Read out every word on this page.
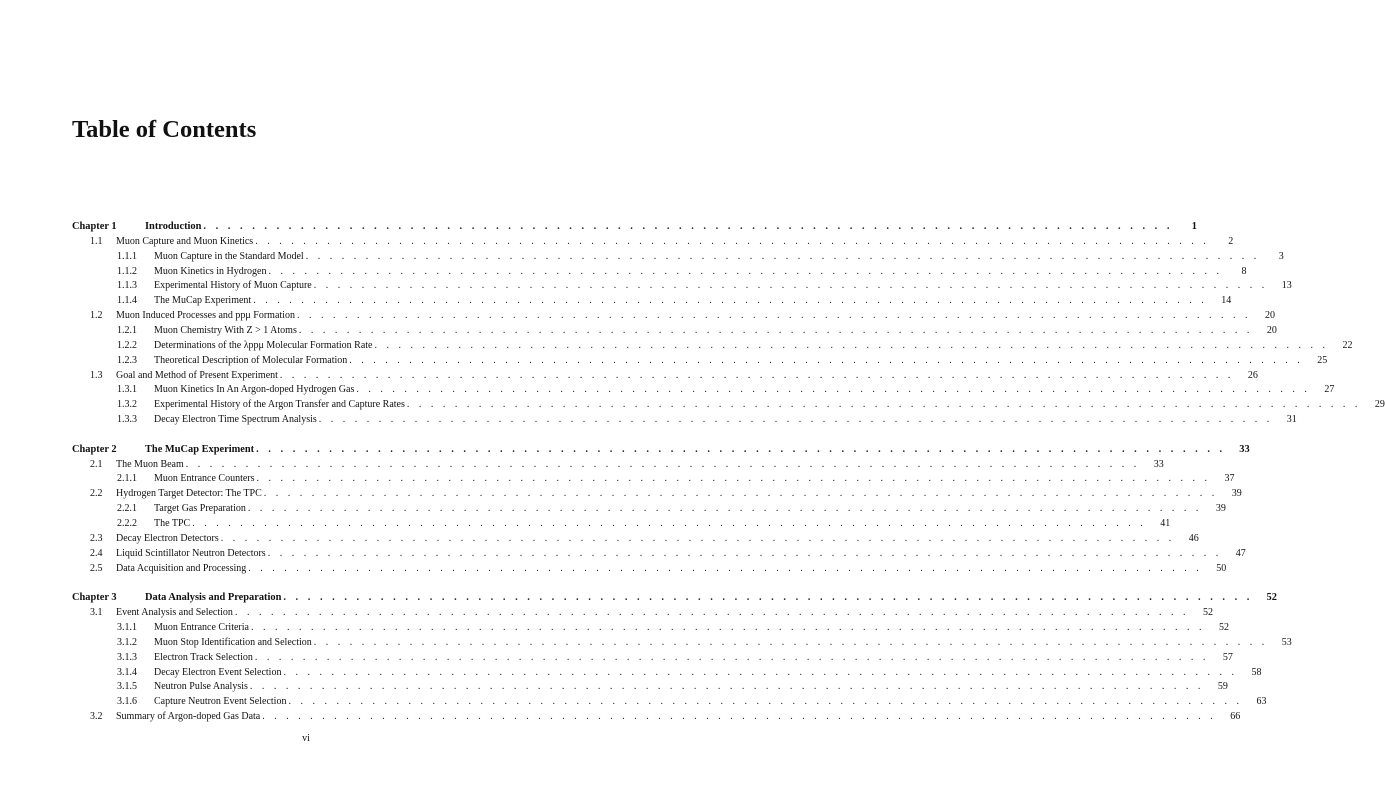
Table of Contents
Chapter 1	Introduction . . . . . . . . . . . . . . . . . . . . . . . . . . . . . . . . . . . . . . . . . . . . . . . . . . . . . . . . . . . . . . . . . . . . . . . . . . . . . . . .	1
1.1	Muon Capture and Muon Kinetics . . . . . . . . . . . . . . . . . . . . . . . . . . . . . . . . . . . . . . . . . . . . . . . . . . . . . . . . . . . . . . . . . . . . . . . . . . . . . . . .	2
1.1.1	Muon Capture in the Standard Model . . . . . . . . . . . . . . . . . . . . . . . . . . . . . . . . . . . . . . . . . . . . . . . . . . . . . . . . . . . . . . . . . . . . . . . . . . . . . . . .	3
1.1.2	Muon Kinetics in Hydrogen . . . . . . . . . . . . . . . . . . . . . . . . . . . . . . . . . . . . . . . . . . . . . . . . . . . . . . . . . . . . . . . . . . . . . . . . . . . . . . . .	8
1.1.3	Experimental History of Muon Capture . . . . . . . . . . . . . . . . . . . . . . . . . . . . . . . . . . . . . . . . . . . . . . . . . . . . . . . . . . . . . . . . . . . . . . . . . . . . . . . .	13
1.1.4	The MuCap Experiment . . . . . . . . . . . . . . . . . . . . . . . . . . . . . . . . . . . . . . . . . . . . . . . . . . . . . . . . . . . . . . . . . . . . . . . . . . . . . . . .	14
1.2	Muon Induced Processes and ppμ Formation . . . . . . . . . . . . . . . . . . . . . . . . . . . . . . . . . . . . . . . . . . . . . . . . . . . . . . . . . . . . . . . . . . . . . . . . . . . . . . . .	20
1.2.1	Muon Chemistry With Z > 1 Atoms . . . . . . . . . . . . . . . . . . . . . . . . . . . . . . . . . . . . . . . . . . . . . . . . . . . . . . . . . . . . . . . . . . . . . . . . . . . . . . . .	20
1.2.2	Determinations of the λppμ Molecular Formation Rate . . . . . . . . . . . . . . . . . . . . . . . . . . . . . . . . . . . . . . . . . . . . . . . . . . . . . . . . . . . . . . . . . . . . . . . . . . . . . . . .	22
1.2.3	Theoretical Description of Molecular Formation . . . . . . . . . . . . . . . . . . . . . . . . . . . . . . . . . . . . . . . . . . . . . . . . . . . . . . . . . . . . . . . . . . . . . . . . . . . . . . . .	25
1.3	Goal and Method of Present Experiment . . . . . . . . . . . . . . . . . . . . . . . . . . . . . . . . . . . . . . . . . . . . . . . . . . . . . . . . . . . . . . . . . . . . . . . . . . . . . . . .	26
1.3.1	Muon Kinetics In An Argon-doped Hydrogen Gas . . . . . . . . . . . . . . . . . . . . . . . . . . . . . . . . . . . . . . . . . . . . . . . . . . . . . . . . . . . . . . . . . . . . . . . . . . . . . . . .	27
1.3.2	Experimental History of the Argon Transfer and Capture Rates . . . . . . . . . . . . . . . . . . . . . . . . . . . . . . . . . . . . . . . . . . . . . . . . . . . . . . . . . . . . . . . . . . . . . . . . . . . . . . . .	29
1.3.3	Decay Electron Time Spectrum Analysis . . . . . . . . . . . . . . . . . . . . . . . . . . . . . . . . . . . . . . . . . . . . . . . . . . . . . . . . . . . . . . . . . . . . . . . . . . . . . . . .	31
Chapter 2	The MuCap Experiment . . . . . . . . . . . . . . . . . . . . . . . . . . . . . . . . . . . . . . . . . . . . . . . . . . . . . . . . . . . . . . . . . . . . . . . . . . . . . . . .	33
2.1	The Muon Beam . . . . . . . . . . . . . . . . . . . . . . . . . . . . . . . . . . . . . . . . . . . . . . . . . . . . . . . . . . . . . . . . . . . . . . . . . . . . . . . .	33
2.1.1	Muon Entrance Counters . . . . . . . . . . . . . . . . . . . . . . . . . . . . . . . . . . . . . . . . . . . . . . . . . . . . . . . . . . . . . . . . . . . . . . . . . . . . . . . .	37
2.2	Hydrogen Target Detector: The TPC . . . . . . . . . . . . . . . . . . . . . . . . . . . . . . . . . . . . . . . . . . . . . . . . . . . . . . . . . . . . . . . . . . . . . . . . . . . . . . . .	39
2.2.1	Target Gas Preparation . . . . . . . . . . . . . . . . . . . . . . . . . . . . . . . . . . . . . . . . . . . . . . . . . . . . . . . . . . . . . . . . . . . . . . . . . . . . . . . .	39
2.2.2	The TPC . . . . . . . . . . . . . . . . . . . . . . . . . . . . . . . . . . . . . . . . . . . . . . . . . . . . . . . . . . . . . . . . . . . . . . . . . . . . . . . .	41
2.3	Decay Electron Detectors . . . . . . . . . . . . . . . . . . . . . . . . . . . . . . . . . . . . . . . . . . . . . . . . . . . . . . . . . . . . . . . . . . . . . . . . . . . . . . . .	46
2.4	Liquid Scintillator Neutron Detectors . . . . . . . . . . . . . . . . . . . . . . . . . . . . . . . . . . . . . . . . . . . . . . . . . . . . . . . . . . . . . . . . . . . . . . . . . . . . . . . .	47
2.5	Data Acquisition and Processing . . . . . . . . . . . . . . . . . . . . . . . . . . . . . . . . . . . . . . . . . . . . . . . . . . . . . . . . . . . . . . . . . . . . . . . . . . . . . . . .	50
Chapter 3	Data Analysis and Preparation . . . . . . . . . . . . . . . . . . . . . . . . . . . . . . . . . . . . . . . . . . . . . . . . . . . . . . . . . . . . . . . . . . . . . . . . . . . . . . . .	52
3.1	Event Analysis and Selection . . . . . . . . . . . . . . . . . . . . . . . . . . . . . . . . . . . . . . . . . . . . . . . . . . . . . . . . . . . . . . . . . . . . . . . . . . . . . . . .	52
3.1.1	Muon Entrance Criteria . . . . . . . . . . . . . . . . . . . . . . . . . . . . . . . . . . . . . . . . . . . . . . . . . . . . . . . . . . . . . . . . . . . . . . . . . . . . . . . .	52
3.1.2	Muon Stop Identification and Selection . . . . . . . . . . . . . . . . . . . . . . . . . . . . . . . . . . . . . . . . . . . . . . . . . . . . . . . . . . . . . . . . . . . . . . . . . . . . . . . .	53
3.1.3	Electron Track Selection . . . . . . . . . . . . . . . . . . . . . . . . . . . . . . . . . . . . . . . . . . . . . . . . . . . . . . . . . . . . . . . . . . . . . . . . . . . . . . . .	57
3.1.4	Decay Electron Event Selection . . . . . . . . . . . . . . . . . . . . . . . . . . . . . . . . . . . . . . . . . . . . . . . . . . . . . . . . . . . . . . . . . . . . . . . . . . . . . . . .	58
3.1.5	Neutron Pulse Analysis . . . . . . . . . . . . . . . . . . . . . . . . . . . . . . . . . . . . . . . . . . . . . . . . . . . . . . . . . . . . . . . . . . . . . . . . . . . . . . . .	59
3.1.6	Capture Neutron Event Selection . . . . . . . . . . . . . . . . . . . . . . . . . . . . . . . . . . . . . . . . . . . . . . . . . . . . . . . . . . . . . . . . . . . . . . . . . . . . . . . .	63
3.2	Summary of Argon-doped Gas Data . . . . . . . . . . . . . . . . . . . . . . . . . . . . . . . . . . . . . . . . . . . . . . . . . . . . . . . . . . . . . . . . . . . . . . . . . . . . . . . .	66
vi
